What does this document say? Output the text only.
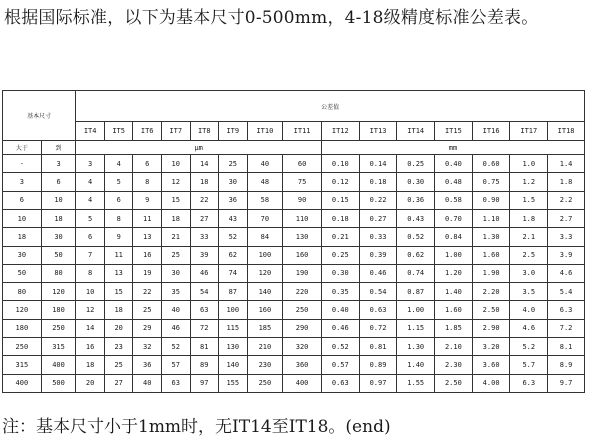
根据国际标准，以下为基本尺寸0-500mm，4-18级精度标准公差表。
基本尺寸		公差值														
		IT4	IT5	IT6	IT7	IT8	IT9	IT10	IT11	IT12	IT13	IT14	IT15	IT16	IT17	IT18
大于	到	μm								mm						
-	3	3	4	6	10	14	25	40	60	0.10	0.14	0.25	0.40	0.60	1.0	1.4
3	6	4	5	8	12	18	30	48	75	0.12	0.18	0.30	0.48	0.75	1.2	1.8
6	10	4	6	9	15	22	36	58	90	0.15	0.22	0.36	0.58	0.90	1.5	2.2
10	18	5	8	11	18	27	43	70	110	0.18	0.27	0.43	0.70	1.10	1.8	2.7
18	30	6	9	13	21	33	52	84	130	0.21	0.33	0.52	0.84	1.30	2.1	3.3
30	50	7	11	16	25	39	62	100	160	0.25	0.39	0.62	1.00	1.60	2.5	3.9
50	80	8	13	19	30	46	74	120	190	0.30	0.46	0.74	1.20	1.90	3.0	4.6
80	120	10	15	22	35	54	87	140	220	0.35	0.54	0.87	1.40	2.20	3.5	5.4
120	180	12	18	25	40	63	100	160	250	0.40	0.63	1.00	1.60	2.50	4.0	6.3
180	250	14	20	29	46	72	115	185	290	0.46	0.72	1.15	1.85	2.90	4.6	7.2
250	315	16	23	32	52	81	130	210	320	0.52	0.81	1.30	2.10	3.20	5.2	8.1
315	400	18	25	36	57	89	140	230	360	0.57	0.89	1.40	2.30	3.60	5.7	8.9
400	500	20	27	40	63	97	155	250	400	0.63	0.97	1.55	2.50	4.00	6.3	9.7
注：基本尺寸小于1mm时，无IT14至IT18。(end)
